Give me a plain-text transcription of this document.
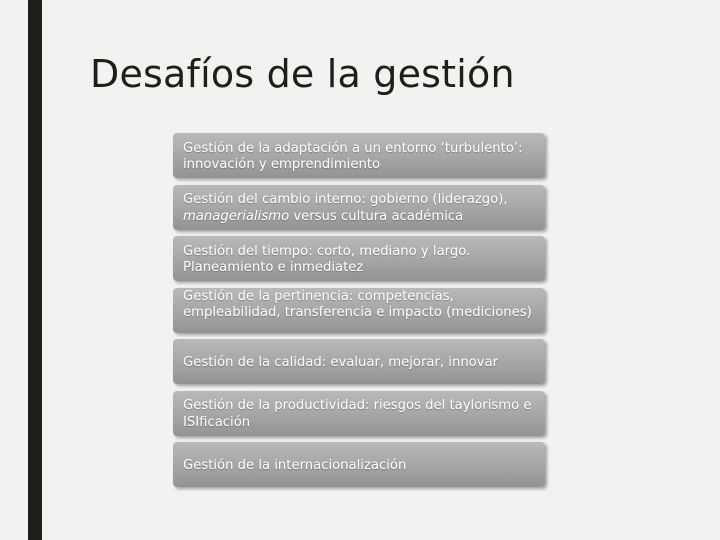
Desafíos de la gestión
Gestión de la adaptación a un entorno ‘turbulento’: innovación y emprendimiento
Gestión del cambio interno: gobierno (liderazgo), managerialismo versus cultura académica
Gestión del tiempo: corto, mediano y largo. Planeamiento e inmediatez
Gestión de la pertinencia: competencias, empleabilidad, transferencia e impacto (mediciones)
Gestión de la calidad: evaluar, mejorar, innovar
Gestión de la productividad: riesgos del taylorismo e ISIficación
Gestión de la internacionalización
